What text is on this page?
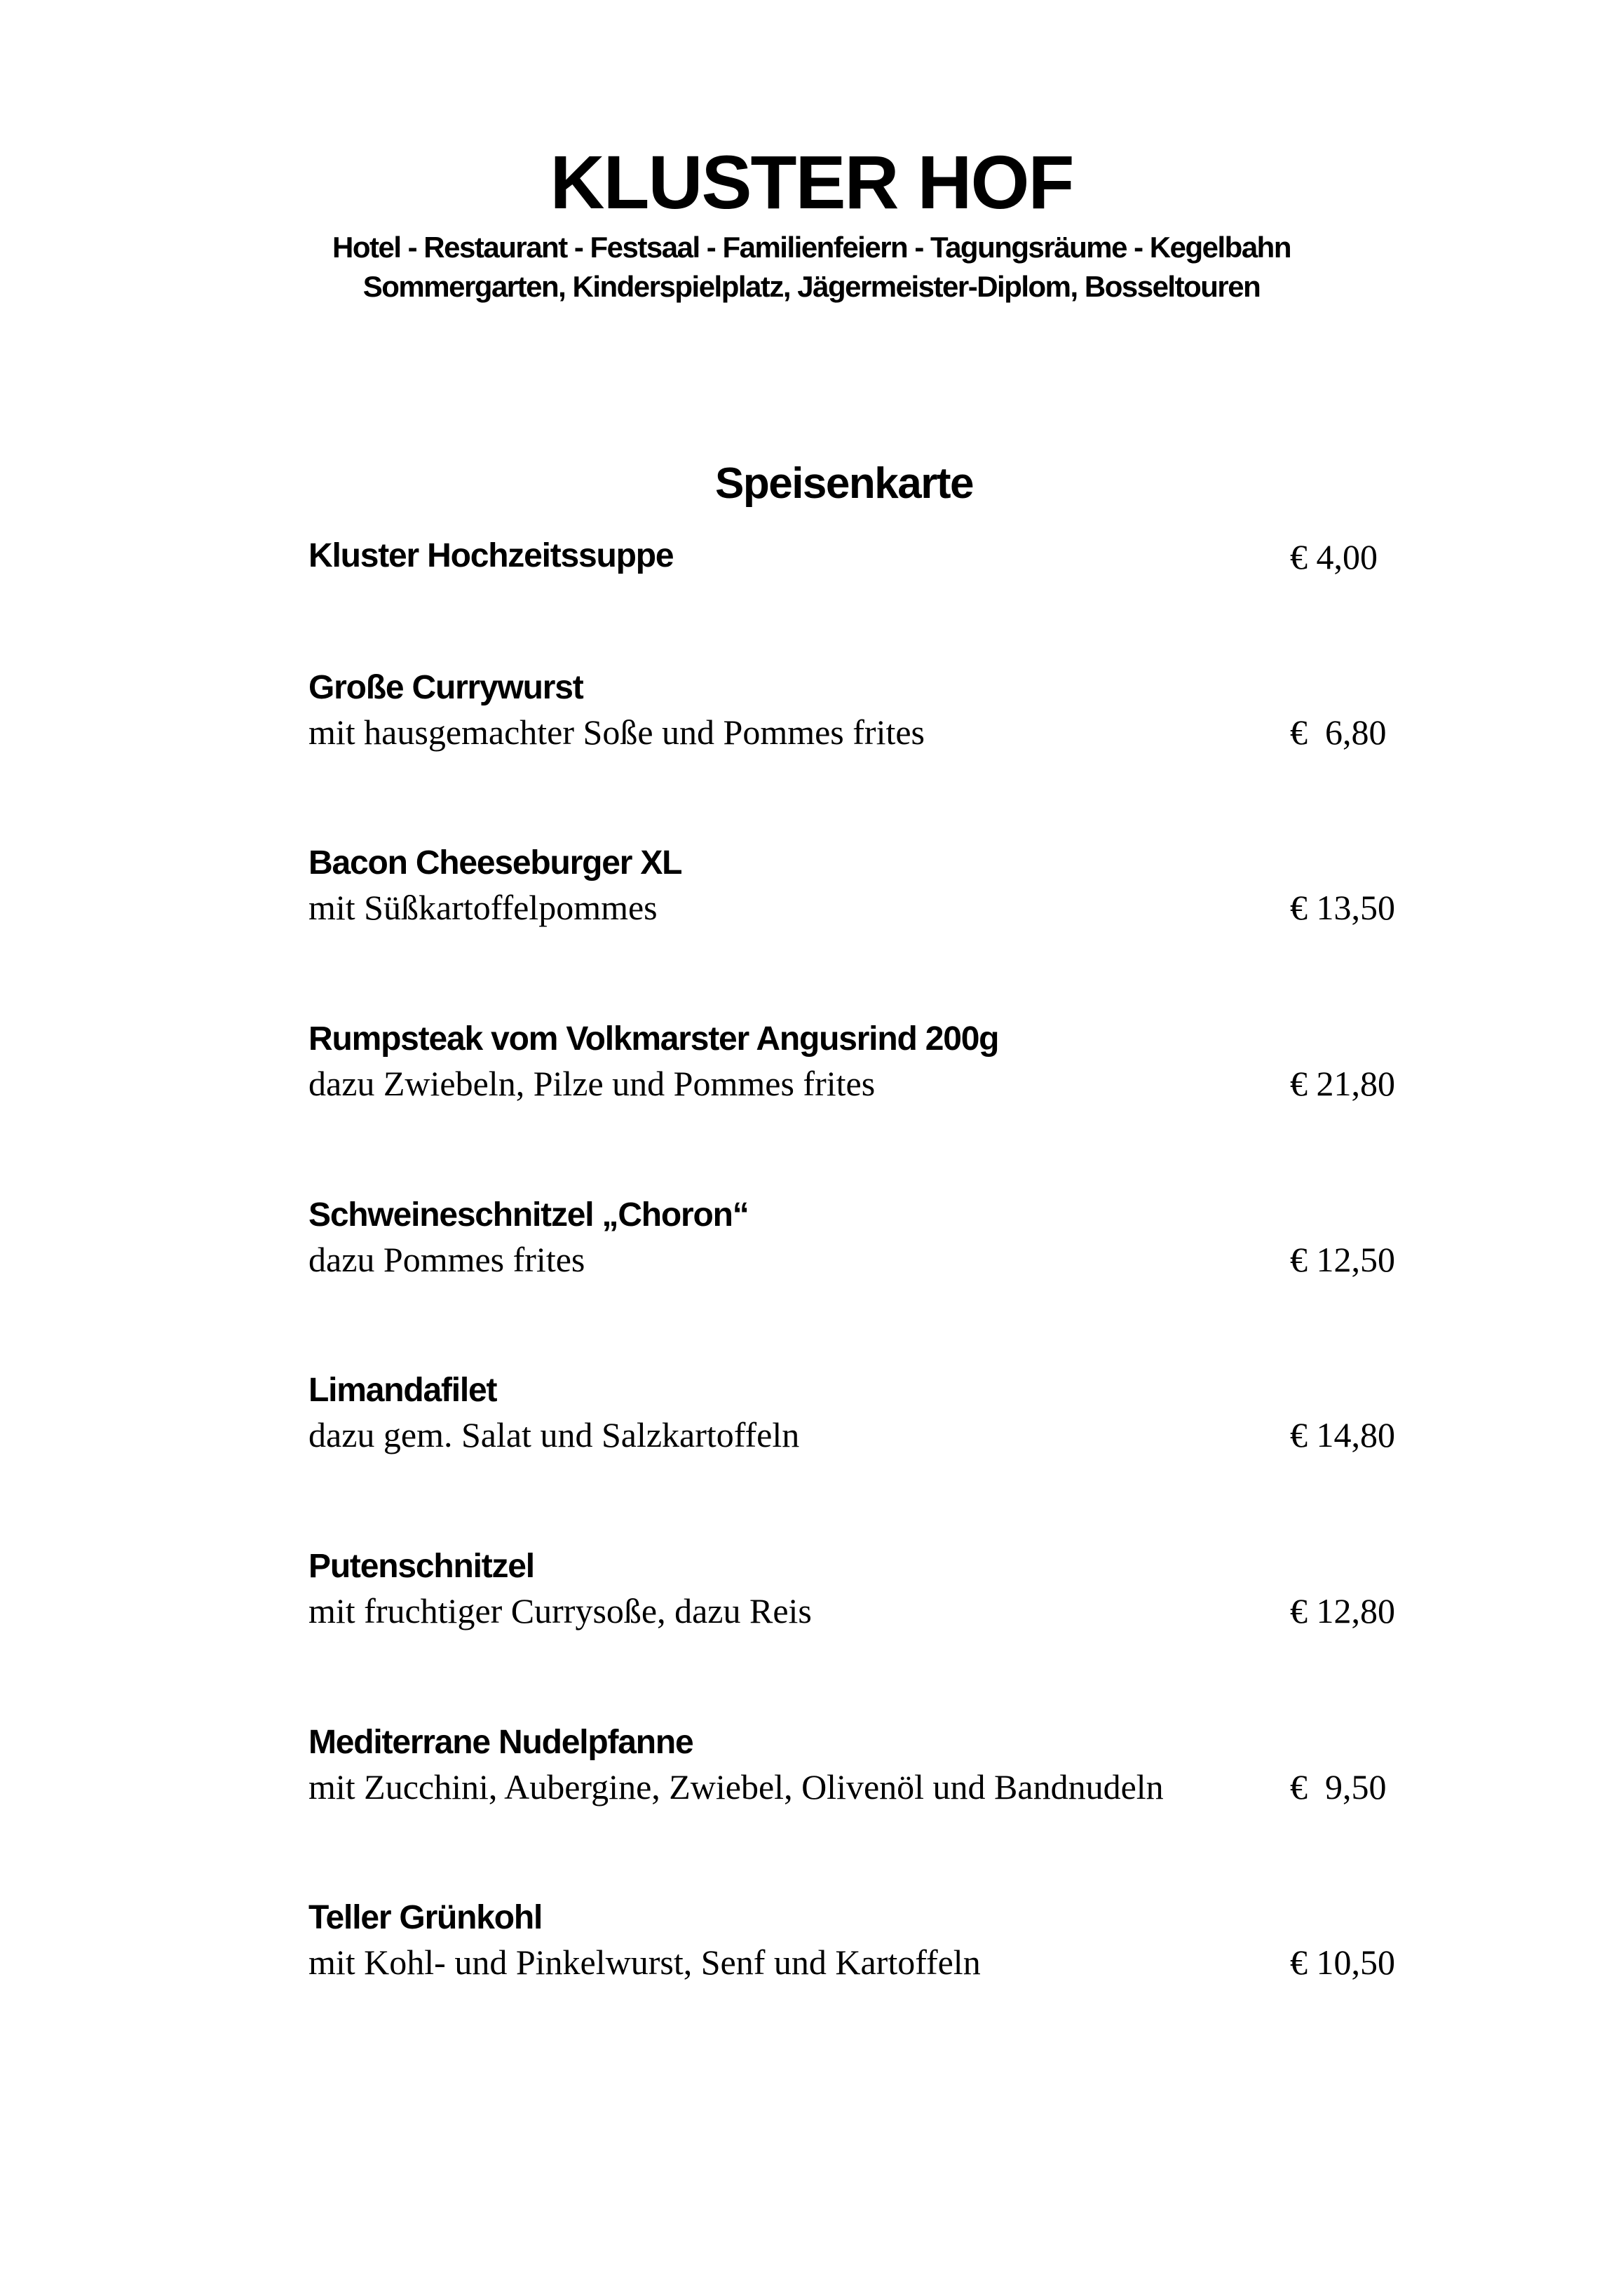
KLUSTER HOF
Hotel - Restaurant - Festsaal - Familienfeiern - Tagungsräume - Kegelbahn
Sommergarten, Kinderspielplatz, Jägermeister-Diplom, Bosseltouren
Speisenkarte
Kluster Hochzeitssuppe	€ 4,00
Große Currywurst
mit hausgemachter Soße und Pommes frites	€  6,80
Bacon Cheeseburger XL
mit Süßkartoffelpommes	€ 13,50
Rumpsteak vom Volkmarster Angusrind 200g
dazu Zwiebeln, Pilze und Pommes frites	€ 21,80
Schweineschnitzel „Choron“
dazu Pommes frites	€ 12,50
Limandafilet
dazu gem. Salat und Salzkartoffeln	€ 14,80
Putenschnitzel
mit fruchtiger Currysoße, dazu Reis	€ 12,80
Mediterrane Nudelpfanne
mit Zucchini, Aubergine, Zwiebel, Olivenöl und Bandnudeln	€  9,50
Teller Grünkohl
mit Kohl- und Pinkelwurst, Senf und Kartoffeln	€ 10,50
